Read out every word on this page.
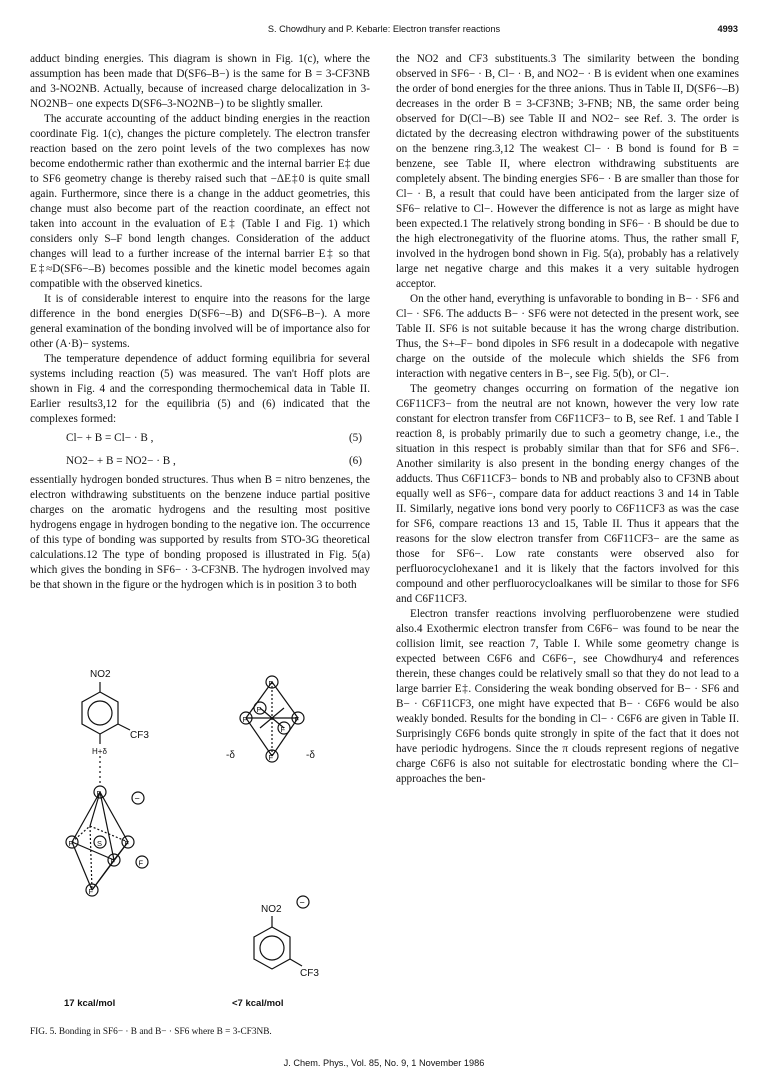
S. Chowdhury and P. Kebarle: Electron transfer reactions	4993

adduct binding energies. This diagram is shown in Fig. 1(c), where the assumption has been made that D(SF6–B−) is the same for B = 3-CF3NB and 3-NO2NB. Actually, because of increased charge delocalization in 3-NO2NB− one expects D(SF6–3-NO2NB−) to be slightly smaller.

The accurate accounting of the adduct binding energies in the reaction coordinate Fig. 1(c), changes the picture completely. The electron transfer reaction based on the zero point levels of the two complexes has now become endothermic rather than exothermic and the internal barrier E‡ due to SF6 geometry change is thereby raised such that −ΔE‡0 is quite small again. Furthermore, since there is a change in the adduct geometries, this change must also become part of the reaction coordinate, an effect not taken into account in the evaluation of E‡ (Table I and Fig. 1) which considers only S–F bond length changes. Consideration of the adduct changes will lead to a further increase of the internal barrier E‡ so that E‡≈D(SF6−–B) becomes possible and the kinetic model becomes again compatible with the observed kinetics.

It is of considerable interest to enquire into the reasons for the large difference in the bond energies D(SF6−–B) and D(SF6–B−). A more general examination of the bonding involved will be of importance also for other (A·B)− systems.

The temperature dependence of adduct forming equilibria for several systems including reaction (5) was measured. The van't Hoff plots are shown in Fig. 4 and the corresponding thermochemical data in Table II. Earlier results3,12 for the equilibria (5) and (6) indicated that the complexes formed:

Cl− + B = Cl− · B ,	(5)
NO2− + B = NO2− · B ,	(6)

essentially hydrogen bonded structures. Thus when B = nitro benzenes, the electron withdrawing substituents on the benzene induce partial positive charges on the aromatic hydrogens and the resulting most positive hydrogens engage in hydrogen bonding to the negative ion. The occurrence of this type of bonding was supported by results from STO-3G theoretical calculations.12 The type of bonding proposed is illustrated in Fig. 5(a) which gives the bonding in SF6− · 3-CF3NB. The hydrogen involved may be that shown in the figure or the hydrogen which is in position 3 to both

the NO2 and CF3 substituents.3 The similarity between the bonding observed in SF6− · B, Cl− · B, and NO2− · B is evident when one examines the order of bond energies for the three anions. Thus in Table II, D(SF6−–B) decreases in the order B = 3-CF3NB; 3-FNB; NB, the same order being observed for D(Cl−–B) see Table II and NO2− see Ref. 3. The order is dictated by the decreasing electron withdrawing power of the substituents on the benzene ring.3,12 The weakest Cl− · B bond is found for B = benzene, see Table II, where electron withdrawing substituents are completely absent. The binding energies SF6− · B are smaller than those for Cl− · B, a result that could have been anticipated from the larger size of SF6− relative to Cl−. However the difference is not as large as might have been expected.1 The relatively strong bonding in SF6− · B should be due to the high electronegativity of the fluorine atoms. Thus, the rather small F, involved in the hydrogen bond shown in Fig. 5(a), probably has a relatively large net negative charge and this makes it a very suitable hydrogen acceptor.

On the other hand, everything is unfavorable to bonding in B− · SF6 and Cl− · SF6. The adducts B− · SF6 were not detected in the present work, see Table II. SF6 is not suitable because it has the wrong charge distribution. Thus, the S+–F− bond dipoles in SF6 result in a dodecapole with negative charge on the outside of the molecule which shields the SF6 from interaction with negative centers in B−, see Fig. 5(b), or Cl−.

The geometry changes occurring on formation of the negative ion C6F11CF3− from the neutral are not known, however the very low rate constant for electron transfer from C6F11CF3− to B, see Ref. 1 and Table I reaction 8, is probably primarily due to such a geometry change, i.e., the situation in this respect is probably similar than that for SF6 and SF6−. Another similarity is also present in the bonding energy changes of the adducts. Thus C6F11CF3− bonds to NB and probably also to CF3NB about equally well as SF6−, compare data for adduct reactions 3 and 14 in Table II. Similarly, negative ions bond very poorly to C6F11CF3 as was the case for SF6, compare reactions 13 and 15, Table II. Thus it appears that the reasons for the slow electron transfer from C6F11CF3− are the same as those for SF6−. Low rate constants were observed also for perfluorocyclohexane1 and it is likely that the factors involved for this compound and other perfluorocycloalkanes will be similar to those for SF6 and C6F11CF3.

Electron transfer reactions involving perfluorobenzene were studied also.4 Exothermic electron transfer from C6F6− was found to be near the collision limit, see reaction 7, Table I. While some geometry change is expected between C6F6 and C6F6−, see Chowdhury4 and references therein, these changes could be relatively small so that they do not lead to a large barrier E‡. Considering the weak bonding observed for B− · SF6 and B− · C6F11CF3, one might have expected that B− · C6F6 would be also weakly bonded. Results for the bonding in Cl− · C6F6 are given in Table II. Surprisingly C6F6 bonds quite strongly in spite of the fact that it does not have periodic hydrogens. Since the π clouds represent regions of negative charge C6F6 is also not suitable for electrostatic bonding where the Cl− approaches the ben-

NO2
CF3
H+δ
F
F	F
F
F
S
−
F
F	F
F
F
F
-δ	-δ
NO2
−
CF3
F
17 kcal/mol	<7 kcal/mol
FIG. 5. Bonding in SF6− · B and B− · SF6 where B = 3-CF3NB.
J. Chem. Phys., Vol. 85, No. 9, 1 November 1986
